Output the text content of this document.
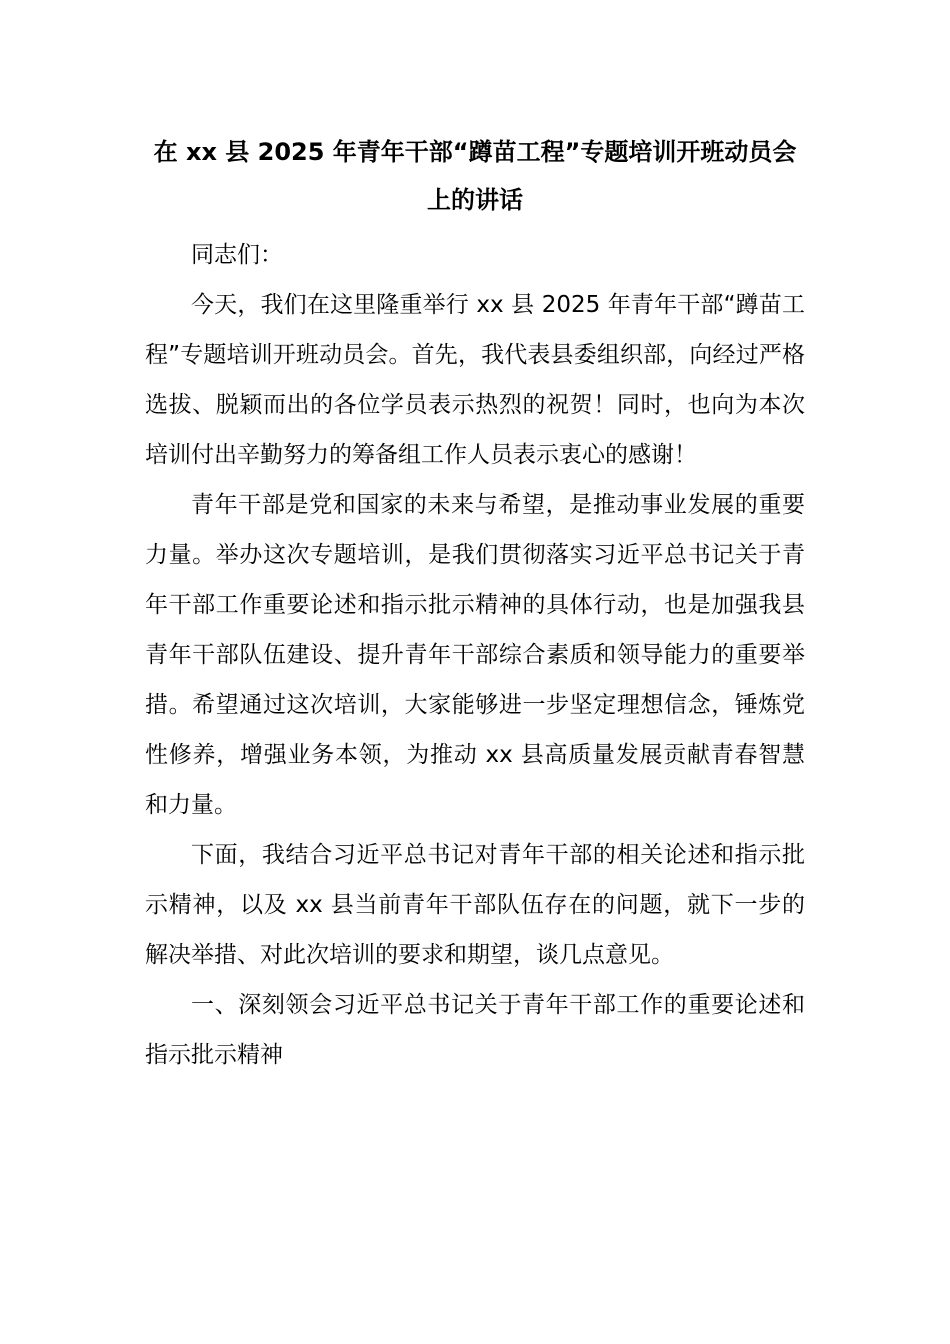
在 xx 县 2025 年青年干部“蹲苗工程”专题培训开班动员会
上的讲话

同志们：

今天，我们在这里隆重举行 xx 县 2025 年青年干部“蹲苗工程”专题培训开班动员会。首先，我代表县委组织部，向经过严格选拔、脱颖而出的各位学员表示热烈的祝贺！同时，也向为本次培训付出辛勤努力的筹备组工作人员表示衷心的感谢！

青年干部是党和国家的未来与希望，是推动事业发展的重要力量。举办这次专题培训，是我们贯彻落实习近平总书记关于青年干部工作重要论述和指示批示精神的具体行动，也是加强我县青年干部队伍建设、提升青年干部综合素质和领导能力的重要举措。希望通过这次培训，大家能够进一步坚定理想信念，锤炼党性修养，增强业务本领，为推动 xx 县高质量发展贡献青春智慧和力量。

下面，我结合习近平总书记对青年干部的相关论述和指示批示精神，以及 xx 县当前青年干部队伍存在的问题，就下一步的解决举措、对此次培训的要求和期望，谈几点意见。

一、深刻领会习近平总书记关于青年干部工作的重要论述和指示批示精神
